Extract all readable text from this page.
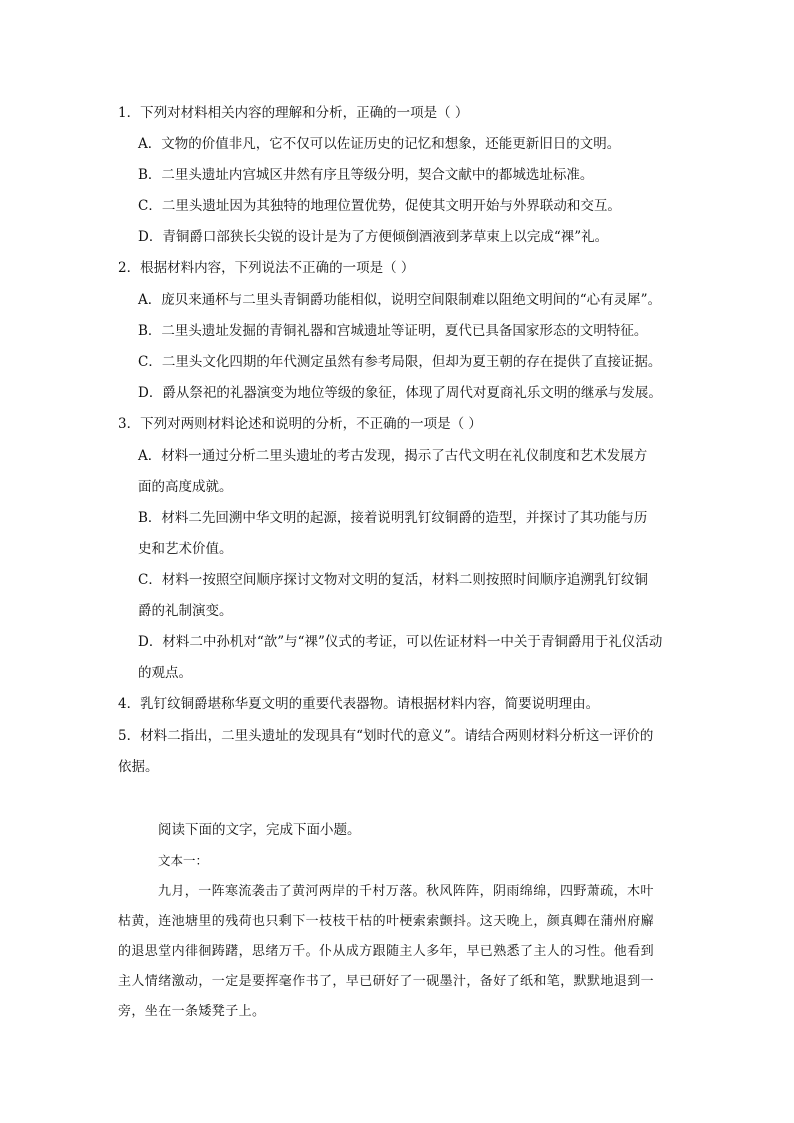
1．下列对材料相关内容的理解和分析，正确的一项是（ ）
A．文物的价值非凡，它不仅可以佐证历史的记忆和想象，还能更新旧日的文明。
B．二里头遗址内宫城区井然有序且等级分明，契合文献中的都城选址标准。
C．二里头遗址因为其独特的地理位置优势，促使其文明开始与外界联动和交互。
D．青铜爵口部狭长尖锐的设计是为了方便倾倒酒液到茅草束上以完成“祼”礼。
2．根据材料内容，下列说法不正确的一项是（ ）
A．庞贝来通杯与二里头青铜爵功能相似，说明空间限制难以阻绝文明间的“心有灵犀”。
B．二里头遗址发掘的青铜礼器和宫城遗址等证明，夏代已具备国家形态的文明特征。
C．二里头文化四期的年代测定虽然有参考局限，但却为夏王朝的存在提供了直接证据。
D．爵从祭祀的礼器演变为地位等级的象征，体现了周代对夏商礼乐文明的继承与发展。
3．下列对两则材料论述和说明的分析，不正确的一项是（ ）
A．材料一通过分析二里头遗址的考古发现，揭示了古代文明在礼仪制度和艺术发展方
面的高度成就。
B．材料二先回溯中华文明的起源，接着说明乳钉纹铜爵的造型，并探讨了其功能与历
史和艺术价值。
C．材料一按照空间顺序探讨文物对文明的复活，材料二则按照时间顺序追溯乳钉纹铜
爵的礼制演变。
D．材料二中孙机对“歆”与“祼”仪式的考证，可以佐证材料一中关于青铜爵用于礼仪活动
的观点。
4．乳钉纹铜爵堪称华夏文明的重要代表器物。请根据材料内容，简要说明理由。
5．材料二指出，二里头遗址的发现具有“划时代的意义”。请结合两则材料分析这一评价的
依据。
阅读下面的文字，完成下面小题。
文本一：
九月，一阵寒流袭击了黄河两岸的千村万落。秋风阵阵，阴雨绵绵，四野萧疏，木叶
枯黄，连池塘里的残荷也只剩下一枝枝干枯的叶梗索索颤抖。这天晚上，颜真卿在蒲州府廨
的退思堂内徘徊踌躇，思绪万千。仆从成方跟随主人多年，早已熟悉了主人的习性。他看到
主人情绪激动，一定是要挥毫作书了，早已研好了一砚墨汁，备好了纸和笔，默默地退到一
旁，坐在一条矮凳子上。
